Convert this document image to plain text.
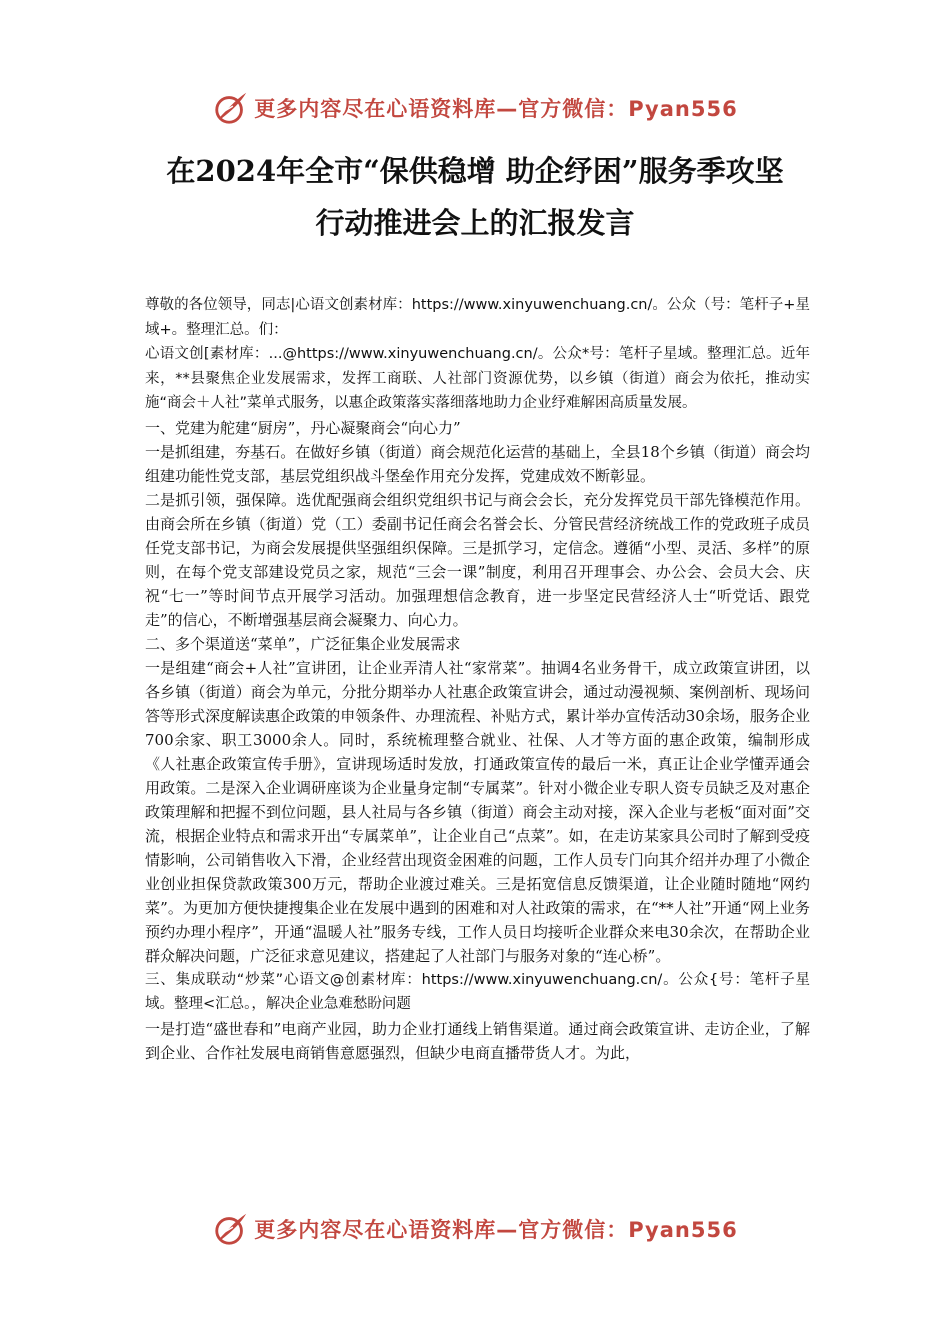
更多内容尽在心语资料库—官方微信：Pyan556
在2024年全市“保供稳增 助企纾困”服务季攻坚
行动推进会上的汇报发言

尊敬的各位领导，同志|心语文创素材库：https://www.xinyuwenchuang.cn/。公众（号：笔杆子+星域+。整理汇总。们：

心语文创[素材库：...@https://www.xinyuwenchuang.cn/。公众*号：笔杆子星域。整理汇总。近年来，**县聚焦企业发展需求，发挥工商联、人社部门资源优势，以乡镇（街道）商会为依托，推动实施“商会＋人社”菜单式服务，以惠企政策落实落细落地助力企业纾难解困高质量发展。

一、党建为舵建“厨房”，丹心凝聚商会“向心力”

一是抓组建，夯基石。在做好乡镇（街道）商会规范化运营的基础上，全县18个乡镇（街道）商会均组建功能性党支部，基层党组织战斗堡垒作用充分发挥，党建成效不断彰显。

二是抓引领，强保障。选优配强商会组织党组织书记与商会会长，充分发挥党员干部先锋模范作用。由商会所在乡镇（街道）党（工）委副书记任商会名誉会长、分管民营经济统战工作的党政班子成员任党支部书记，为商会发展提供坚强组织保障。三是抓学习，定信念。遵循“小型、灵活、多样”的原则，在每个党支部建设党员之家，规范“三会一课”制度，利用召开理事会、办公会、会员大会、庆祝“七一”等时间节点开展学习活动。加强理想信念教育，进一步坚定民营经济人士“听党话、跟党走”的信心，不断增强基层商会凝聚力、向心力。

二、多个渠道送“菜单”，广泛征集企业发展需求

一是组建“商会+人社”宣讲团，让企业弄清人社“家常菜”。抽调4名业务骨干，成立政策宣讲团，以各乡镇（街道）商会为单元，分批分期举办人社惠企政策宣讲会，通过动漫视频、案例剖析、现场问答等形式深度解读惠企政策的申领条件、办理流程、补贴方式，累计举办宣传活动30余场，服务企业700余家、职工3000余人。同时，系统梳理整合就业、社保、人才等方面的惠企政策，编制形成《人社惠企政策宣传手册》，宣讲现场适时发放，打通政策宣传的最后一米，真正让企业学懂弄通会用政策。二是深入企业调研座谈为企业量身定制“专属菜”。针对小微企业专职人资专员缺乏及对惠企政策理解和把握不到位问题，县人社局与各乡镇（街道）商会主动对接，深入企业与老板“面对面”交流，根据企业特点和需求开出“专属菜单”，让企业自己“点菜”。如，在走访某家具公司时了解到受疫情影响，公司销售收入下滑，企业经营出现资金困难的问题，工作人员专门向其介绍并办理了小微企业创业担保贷款政策300万元，帮助企业渡过难关。三是拓宽信息反馈渠道，让企业随时随地“网约菜”。为更加方便快捷搜集企业在发展中遇到的困难和对人社政策的需求，在“**人社”开通“网上业务预约办理小程序”，开通“温暖人社”服务专线，工作人员日均接听企业群众来电30余次，在帮助企业群众解决问题，广泛征求意见建议，搭建起了人社部门与服务对象的“连心桥”。

三、集成联动“炒菜”心语文@创素材库：https://www.xinyuwenchuang.cn/。公众{号：笔杆子星域。整理<汇总。，解决企业急难愁盼问题

一是打造“盛世春和”电商产业园，助力企业打通线上销售渠道。通过商会政策宣讲、走访企业，了解到企业、合作社发展电商销售意愿强烈，但缺少电商直播带货人才。为此，

更多内容尽在心语资料库—官方微信：Pyan556
